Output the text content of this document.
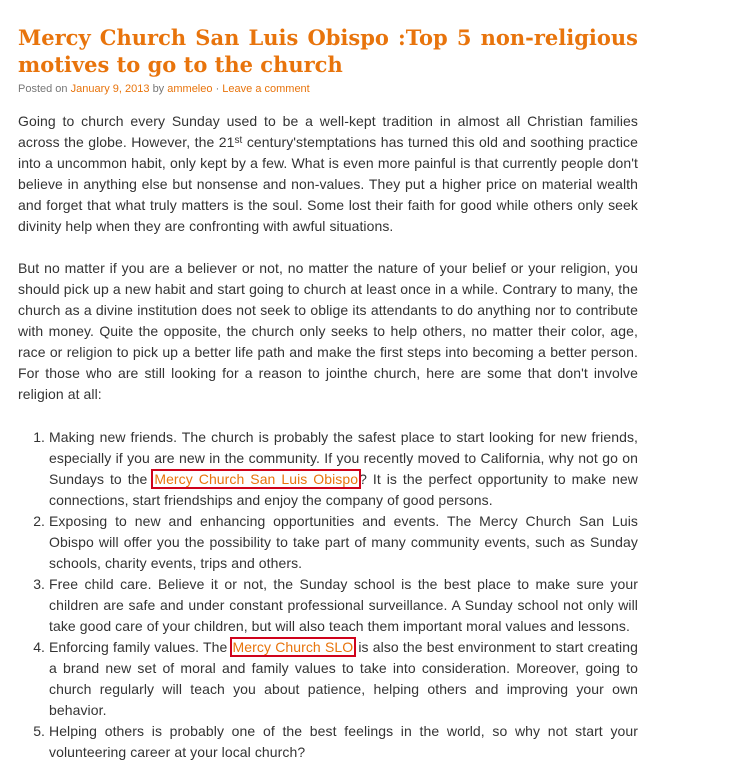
Mercy Church San Luis Obispo :Top 5 non-religious motives to go to the church
Posted on January 9, 2013 by ammeleo · Leave a comment

Going to church every Sunday used to be a well-kept tradition in almost all Christian families across the globe. However, the 21st century'stemptations has turned this old and soothing practice into a uncommon habit, only kept by a few. What is even more painful is that currently people don't believe in anything else but nonsense and non-values. They put a higher price on material wealth and forget that what truly matters is the soul. Some lost their faith for good while others only seek divinity help when they are confronting with awful situations.

But no matter if you are a believer or not, no matter the nature of your belief or your religion, you should pick up a new habit and start going to church at least once in a while. Contrary to many, the church as a divine institution does not seek to oblige its attendants to do anything nor to contribute with money. Quite the opposite, the church only seeks to help others, no matter their color, age, race or religion to pick up a better life path and make the first steps into becoming a better person. For those who are still looking for a reason to jointhe church, here are some that don't involve religion at all:

1. Making new friends. The church is probably the safest place to start looking for new friends, especially if you are new in the community. If you recently moved to California, why not go on Sundays to the Mercy Church San Luis Obispo? It is the perfect opportunity to make new connections, start friendships and enjoy the company of good persons.
2. Exposing to new and enhancing opportunities and events. The Mercy Church San Luis Obispo will offer you the possibility to take part of many community events, such as Sunday schools, charity events, trips and others.
3. Free child care. Believe it or not, the Sunday school is the best place to make sure your children are safe and under constant professional surveillance. A Sunday school not only will take good care of your children, but will also teach them important moral values and lessons.
4. Enforcing family values. The Mercy Church SLO is also the best environment to start creating a brand new set of moral and family values to take into consideration. Moreover, going to church regularly will teach you about patience, helping others and improving your own behavior.
5. Helping others is probably one of the best feelings in the world, so why not start your volunteering career at your local church?
